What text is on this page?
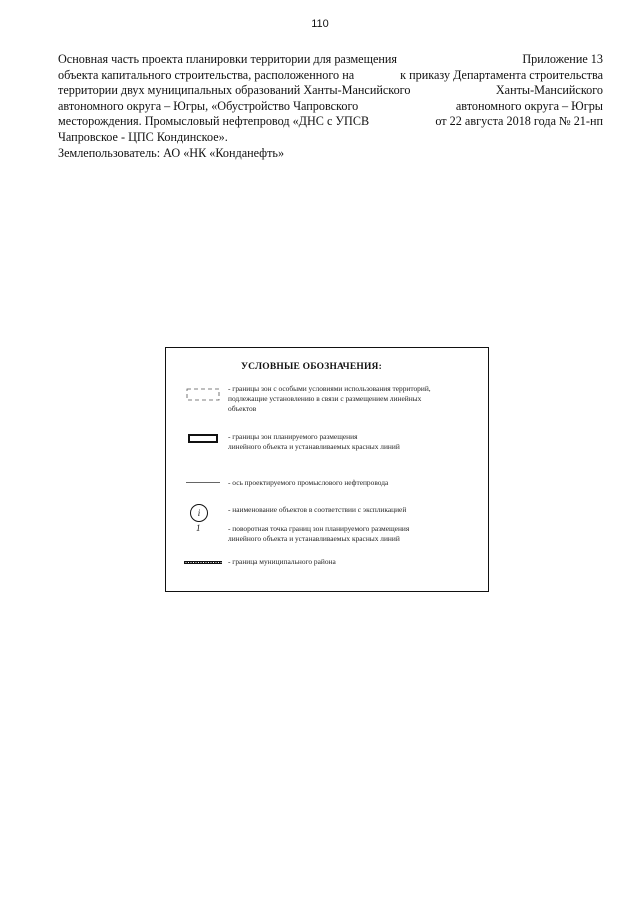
110
Основная часть проекта планировки территории для размещения
объекта капитального строительства, расположенного на
территории двух муниципальных образований Ханты-Мансийского
автономного округа – Югры, «Обустройство Чапровского
месторождения. Промысловый нефтепровод «ДНС с УПСВ
Чапровское - ЦПС Кондинское».
Землепользователь: АО «НК «Конданефть»
Приложение 13
к приказу Департамента строительства
Ханты-Мансийского
автономного округа – Югры
от 22 августа 2018 года № 21-нп
УСЛОВНЫЕ ОБОЗНАЧЕНИЯ:
- границы зон с особыми условиями использования территорий,
подлежащие установлению в связи с размещением линейных
объектов
- границы зон планируемого размещения
линейного объекта и устанавливаемых красных линий
- ось проектируемого промыслового нефтепровода
i	- наименование объектов в соответствии с экспликацией
1	- поворотная точка границ зон планируемого размещения
линейного объекта и устанавливаемых красных линий
- граница муниципального района
